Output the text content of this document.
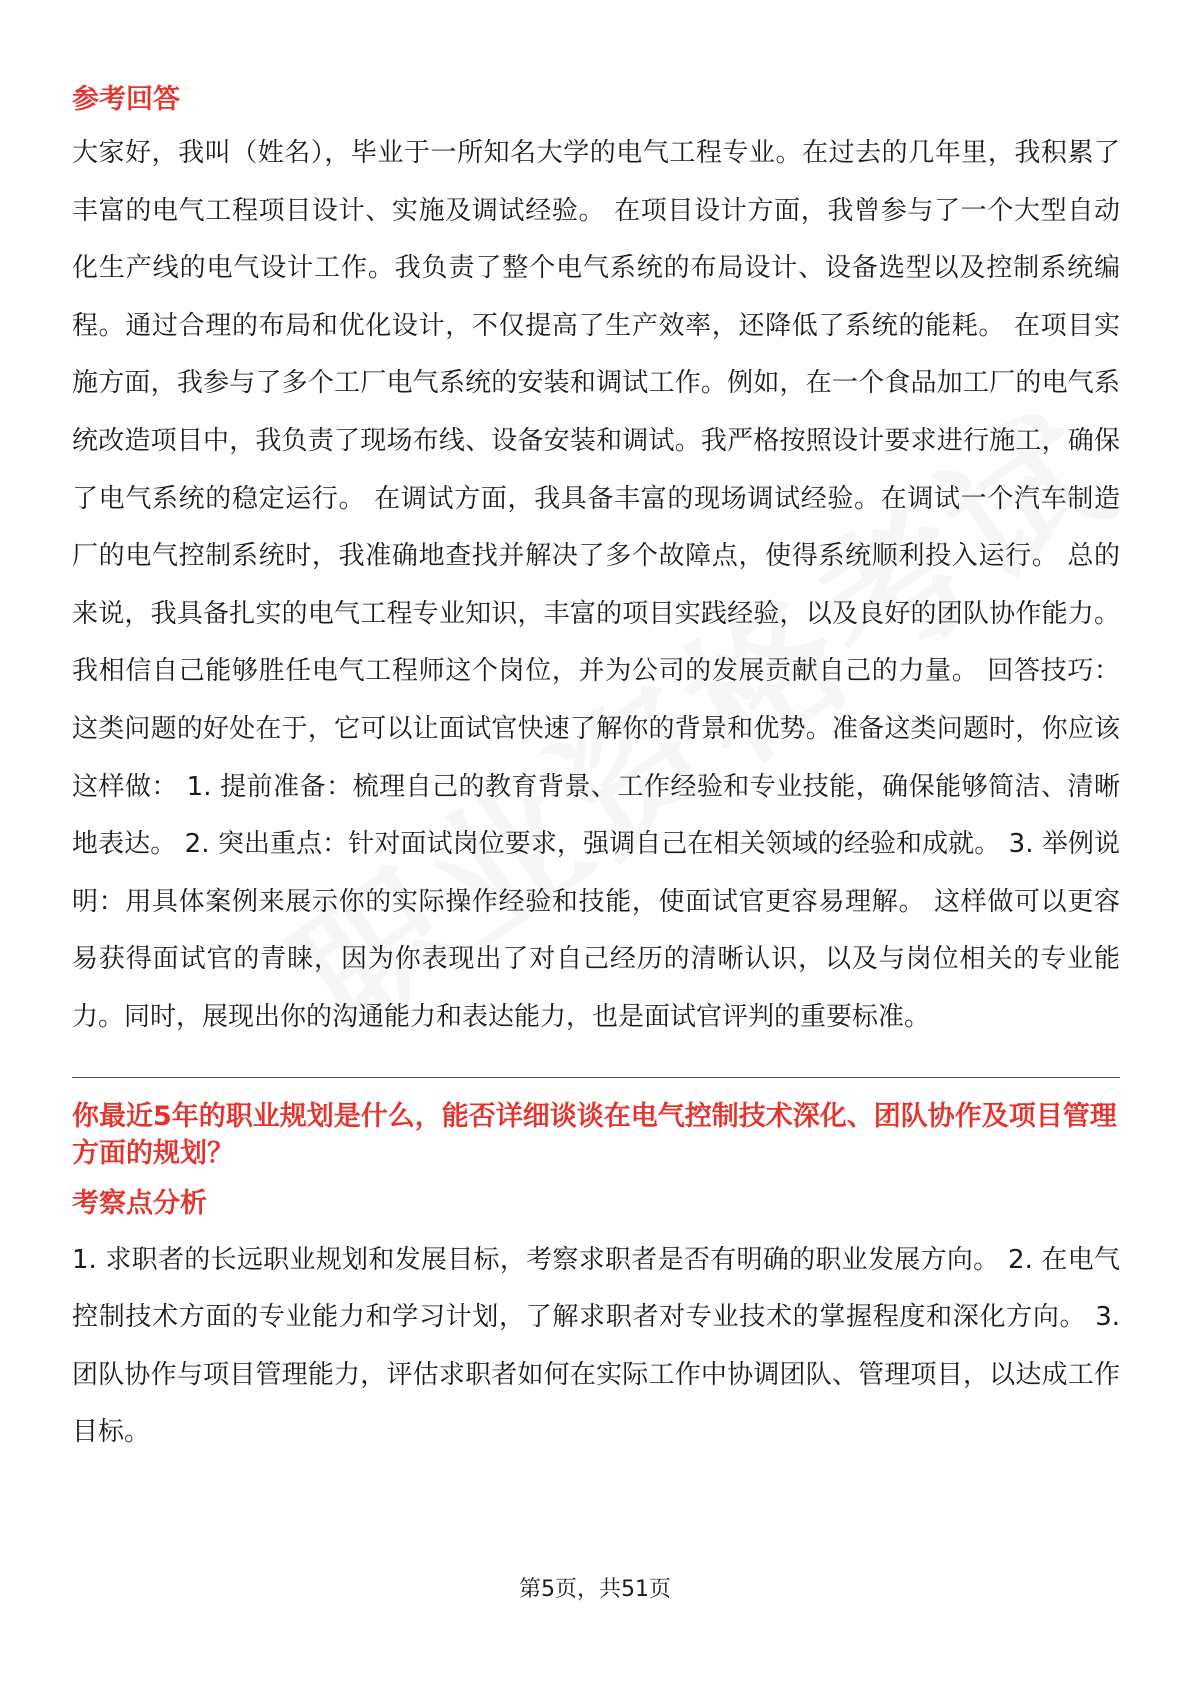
参考回答

大家好，我叫（姓名），毕业于一所知名大学的电气工程专业。在过去的几年里，我积累了丰富的电气工程项目设计、实施及调试经验。 在项目设计方面，我曾参与了一个大型自动化生产线的电气设计工作。我负责了整个电气系统的布局设计、设备选型以及控制系统编程。通过合理的布局和优化设计，不仅提高了生产效率，还降低了系统的能耗。 在项目实施方面，我参与了多个工厂电气系统的安装和调试工作。例如，在一个食品加工厂的电气系统改造项目中，我负责了现场布线、设备安装和调试。我严格按照设计要求进行施工，确保了电气系统的稳定运行。 在调试方面，我具备丰富的现场调试经验。在调试一个汽车制造厂的电气控制系统时，我准确地查找并解决了多个故障点，使得系统顺利投入运行。 总的来说，我具备扎实的电气工程专业知识，丰富的项目实践经验，以及良好的团队协作能力。我相信自己能够胜任电气工程师这个岗位，并为公司的发展贡献自己的力量。 回答技巧： 这类问题的好处在于，它可以让面试官快速了解你的背景和优势。准备这类问题时，你应该这样做： 1. 提前准备：梳理自己的教育背景、工作经验和专业技能，确保能够简洁、清晰地表达。 2. 突出重点：针对面试岗位要求，强调自己在相关领域的经验和成就。 3. 举例说明：用具体案例来展示你的实际操作经验和技能，使面试官更容易理解。 这样做可以更容易获得面试官的青睐，因为你表现出了对自己经历的清晰认识，以及与岗位相关的专业能力。同时，展现出你的沟通能力和表达能力，也是面试官评判的重要标准。

你最近5年的职业规划是什么，能否详细谈谈在电气控制技术深化、团队协作及项目管理方面的规划？
考察点分析

1. 求职者的长远职业规划和发展目标，考察求职者是否有明确的职业发展方向。 2. 在电气控制技术方面的专业能力和学习计划，了解求职者对专业技术的掌握程度和深化方向。 3. 团队协作与项目管理能力，评估求职者如何在实际工作中协调团队、管理项目，以达成工作目标。

第5页，共51页
